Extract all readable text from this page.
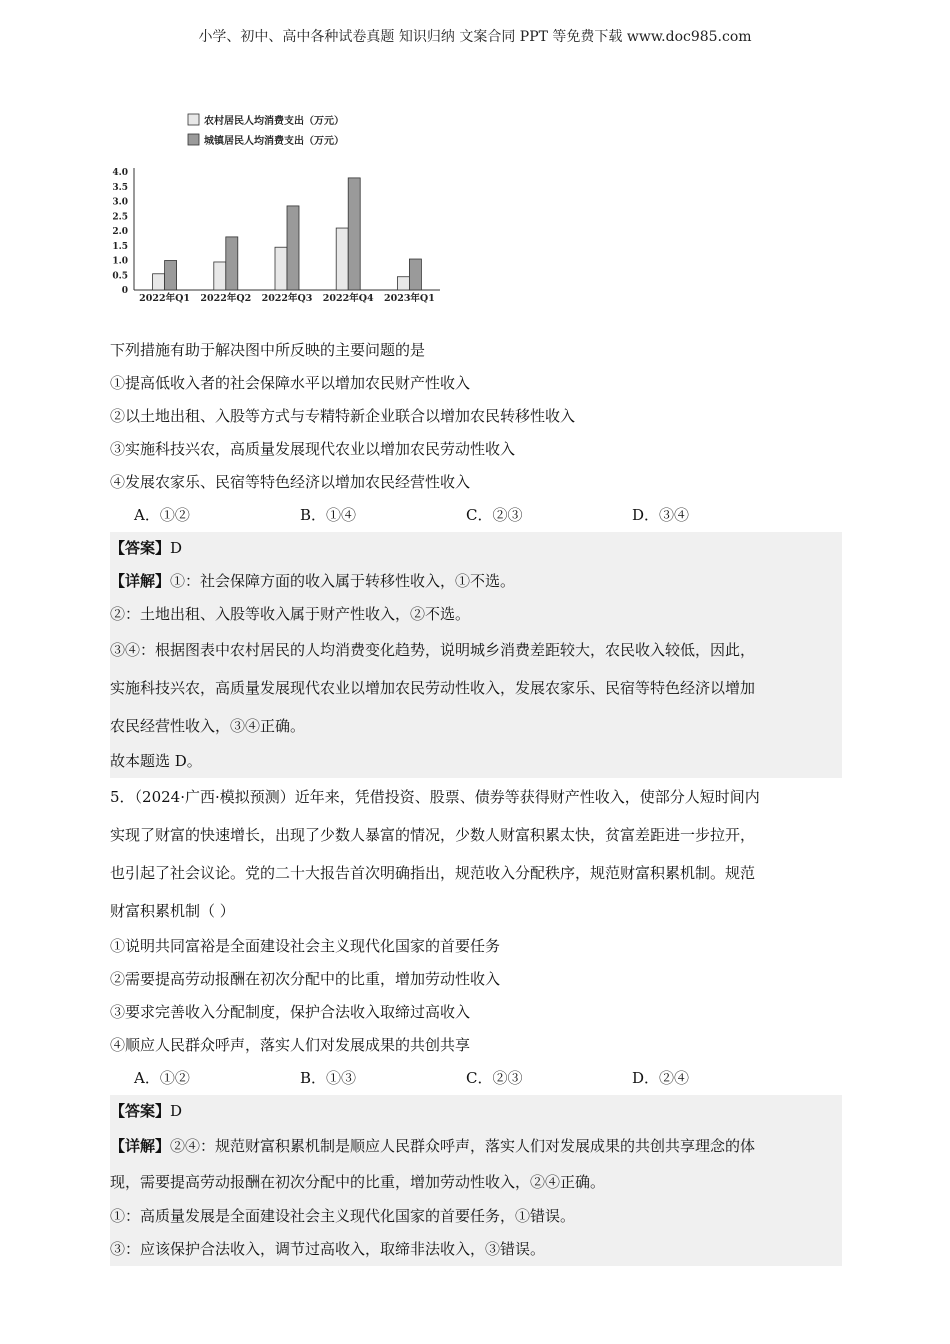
小学、初中、高中各种试卷真题 知识归纳 文案合同 PPT 等免费下载 www.doc985.com
农村居民人均消费支出（万元）
城镇居民人均消费支出（万元）
0
0.5
1.0
1.5
2.0
2.5
3.0
3.5
4.0
2022年Q1 2022年Q2 2022年Q3 2022年Q4 2023年Q1
下列措施有助于解决图中所反映的主要问题的是
①提高低收入者的社会保障水平以增加农民财产性收入
②以土地出租、入股等方式与专精特新企业联合以增加农民转移性收入
③实施科技兴农，高质量发展现代农业以增加农民劳动性收入
④发展农家乐、民宿等特色经济以增加农民经营性收入
A．①②	B．①④	C．②③	D．③④
【答案】D
【详解】①：社会保障方面的收入属于转移性收入，①不选。
②：土地出租、入股等收入属于财产性收入，②不选。
③④：根据图表中农村居民的人均消费变化趋势，说明城乡消费差距较大，农民收入较低，因此，
实施科技兴农，高质量发展现代农业以增加农民劳动性收入，发展农家乐、民宿等特色经济以增加
农民经营性收入，③④正确。
故本题选 D。
5．（2024·广西·模拟预测）近年来，凭借投资、股票、债券等获得财产性收入，使部分人短时间内
实现了财富的快速增长，出现了少数人暴富的情况，少数人财富积累太快，贫富差距进一步拉开，
也引起了社会议论。党的二十大报告首次明确指出，规范收入分配秩序，规范财富积累机制。规范
财富积累机制（ ）
①说明共同富裕是全面建设社会主义现代化国家的首要任务
②需要提高劳动报酬在初次分配中的比重，增加劳动性收入
③要求完善收入分配制度，保护合法收入取缔过高收入
④顺应人民群众呼声，落实人们对发展成果的共创共享
A．①②	B．①③	C．②③	D．②④
【答案】D
【详解】②④：规范财富积累机制是顺应人民群众呼声，落实人们对发展成果的共创共享理念的体
现，需要提高劳动报酬在初次分配中的比重，增加劳动性收入，②④正确。
①：高质量发展是全面建设社会主义现代化国家的首要任务，①错误。
③：应该保护合法收入，调节过高收入，取缔非法收入，③错误。
